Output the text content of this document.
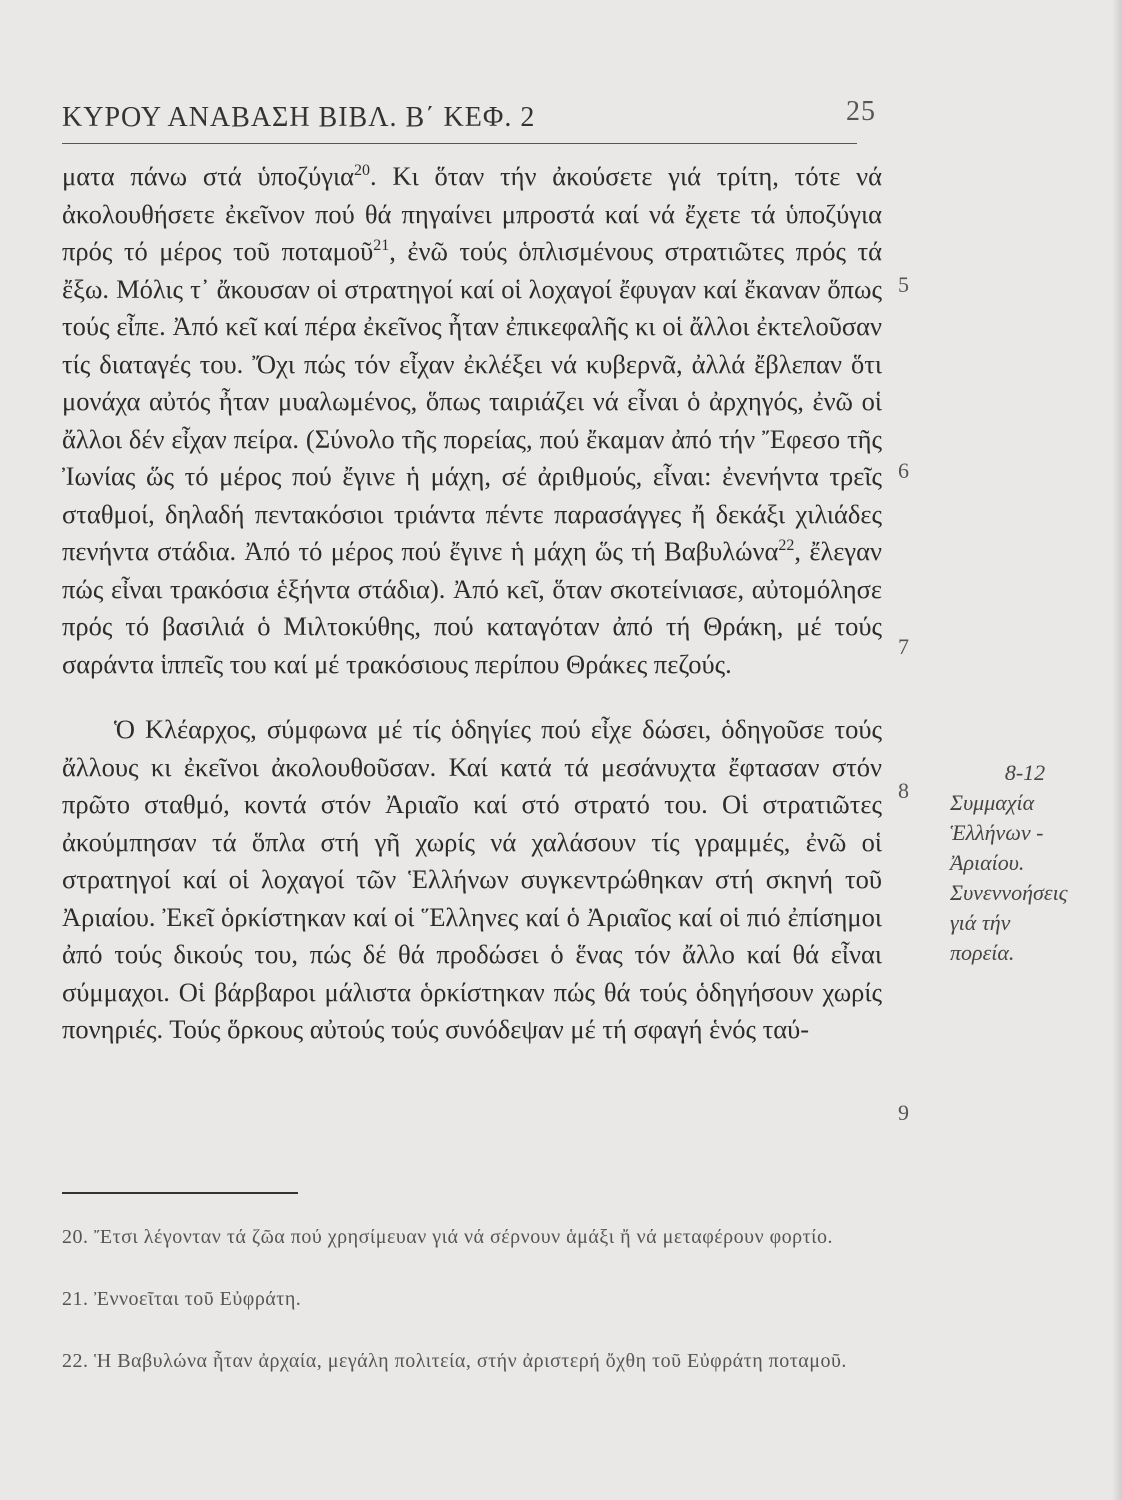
ΚΥΡΟΥ ΑΝΑΒΑΣΗ ΒΙΒΛ. Β΄ ΚΕΦ. 2	25

ματα πάνω στά ὑποζύγια$^{20}$. Κι ὅταν τήν ἀκούσετε γιά τρίτη, τότε νά ἀκολουθήσετε ἐκεῖνον πού θά πηγαίνει μπροστά καί νά ἔχετε τά ὑποζύγια πρός τό μέρος τοῦ ποταμοῦ$^{21}$, ἐνῶ τούς ὁπλισμένους στρατιῶτες πρός τά ἔξω. Μόλις τ᾿ ἄκουσαν οἱ στρατηγοί καί οἱ λοχαγοί ἔφυγαν καί ἔκαναν ὅπως τούς εἶπε. Ἀπό κεῖ καί πέρα ἐκεῖνος ἦταν ἐπικεφαλῆς κι οἱ ἄλλοι ἐκτελοῦσαν τίς διαταγές του. Ὄχι πώς τόν εἶχαν ἐκλέξει νά κυβερνᾶ, ἀλλά ἔβλεπαν ὅτι μονάχα αὐτός ἦταν μυαλωμένος, ὅπως ταιριάζει νά εἶναι ὁ ἀρχηγός, ἐνῶ οἱ ἄλλοι δέν εἶχαν πείρα. (Σύνολο τῆς πορείας, πού ἔκαμαν ἀπό τήν Ἔφεσο τῆς Ἰωνίας ὥς τό μέρος πού ἔγινε ἡ μάχη, σέ ἀριθμούς, εἶναι: ἐνενήντα τρεῖς σταθμοί, δηλαδή πεντακόσιοι τριάντα πέντε παρασάγγες ἤ δεκάξι χιλιάδες πενήντα στάδια. Ἀπό τό μέρος πού ἔγινε ἡ μάχη ὥς τή Βαβυλώνα$^{22}$, ἔλεγαν πώς εἶναι τρακόσια ἑξήντα στάδια). Ἀπό κεῖ, ὅταν σκοτείνιασε, αὐτομόλησε πρός τό βασιλιά ὁ Μιλτοκύθης, πού καταγόταν ἀπό τή Θράκη, μέ τούς σαράντα ἱππεῖς του καί μέ τρακόσιους περίπου Θράκες πεζούς.

Ὁ Κλέαρχος, σύμφωνα μέ τίς ὁδηγίες πού εἶχε δώσει, ὁδηγοῦσε τούς ἄλλους κι ἐκεῖνοι ἀκολουθοῦσαν. Καί κατά τά μεσάνυχτα ἔφτασαν στόν πρῶτο σταθμό, κοντά στόν Ἀριαῖο καί στό στρατό του. Οἱ στρατιῶτες ἀκούμπησαν τά ὅπλα στή γῆ χωρίς νά χαλάσουν τίς γραμμές, ἐνῶ οἱ στρατηγοί καί οἱ λοχαγοί τῶν Ἑλλήνων συγκεντρώθηκαν στή σκηνή τοῦ Ἀριαίου. Ἐκεῖ ὁρκίστηκαν καί οἱ Ἕλληνες καί ὁ Ἀριαῖος καί οἱ πιό ἐπίσημοι ἀπό τούς δικούς του, πώς δέ θά προδώσει ὁ ἕνας τόν ἄλλο καί θά εἶναι σύμμαχοι. Οἱ βάρβαροι μάλιστα ὁρκίστηκαν πώς θά τούς ὁδηγήσουν χωρίς πονηριές. Τούς ὅρκους αὐτούς τούς συνόδεψαν μέ τή σφαγή ἑνός ταύ-

5
6
7
8
9
8-12
Συμμαχία
Ἑλλήνων -
Ἀριαίου.
Συνεννοήσεις
γιά τήν
πορεία.

20. Ἔτσι λέγονταν τά ζῶα πού χρησίμευαν γιά νά σέρνουν ἁμάξι ἤ νά μεταφέρουν φορτίο.

21. Ἐννοεῖται τοῦ Εὐφράτη.

22. Ἡ Βαβυλώνα ἦταν ἀρχαία, μεγάλη πολιτεία, στήν ἀριστερή ὄχθη τοῦ Εὐφράτη ποταμοῦ.
